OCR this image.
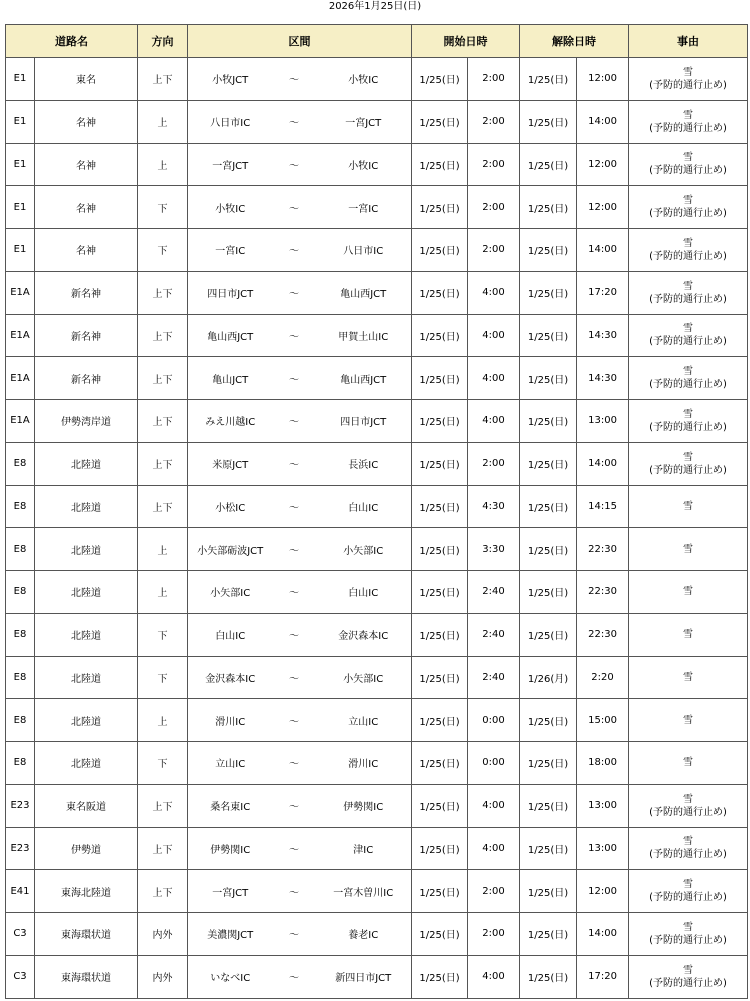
2026年1月25日(日)
道路名		方向	区間			開始日時		解除日時		事由
E1	東名	上下	小牧JCT	～	小牧IC	1/25(日)	2:00	1/25(日)	12:00	雪
(予防的通行止め)

E1	名神	上	八日市IC	～	一宮JCT	1/25(日)	2:00	1/25(日)	14:00	雪
(予防的通行止め)

E1	名神	上	一宮JCT	～	小牧IC	1/25(日)	2:00	1/25(日)	12:00	雪
(予防的通行止め)

E1	名神	下	小牧IC	～	一宮IC	1/25(日)	2:00	1/25(日)	12:00	雪
(予防的通行止め)

E1	名神	下	一宮IC	～	八日市IC	1/25(日)	2:00	1/25(日)	14:00	雪
(予防的通行止め)

E1A	新名神	上下	四日市JCT	～	亀山西JCT	1/25(日)	4:00	1/25(日)	17:20	雪
(予防的通行止め)

E1A	新名神	上下	亀山西JCT	～	甲賀土山IC	1/25(日)	4:00	1/25(日)	14:30	雪
(予防的通行止め)

E1A	新名神	上下	亀山JCT	～	亀山西JCT	1/25(日)	4:00	1/25(日)	14:30	雪
(予防的通行止め)

E1A	伊勢湾岸道	上下	みえ川越IC	～	四日市JCT	1/25(日)	4:00	1/25(日)	13:00	雪
(予防的通行止め)

E8	北陸道	上下	米原JCT	～	長浜IC	1/25(日)	2:00	1/25(日)	14:00	雪
(予防的通行止め)

E8	北陸道	上下	小松IC	～	白山IC	1/25(日)	4:30	1/25(日)	14:15	雪

E8	北陸道	上	小矢部砺波JCT	～	小矢部IC	1/25(日)	3:30	1/25(日)	22:30	雪

E8	北陸道	上	小矢部IC	～	白山IC	1/25(日)	2:40	1/25(日)	22:30	雪

E8	北陸道	下	白山IC	～	金沢森本IC	1/25(日)	2:40	1/25(日)	22:30	雪

E8	北陸道	下	金沢森本IC	～	小矢部IC	1/25(日)	2:40	1/26(月)	2:20	雪

E8	北陸道	上	滑川IC	～	立山IC	1/25(日)	0:00	1/25(日)	15:00	雪

E8	北陸道	下	立山IC	～	滑川IC	1/25(日)	0:00	1/25(日)	18:00	雪

E23	東名阪道	上下	桑名東IC	～	伊勢関IC	1/25(日)	4:00	1/25(日)	13:00	雪
(予防的通行止め)

E23	伊勢道	上下	伊勢関IC	～	津IC	1/25(日)	4:00	1/25(日)	13:00	雪
(予防的通行止め)

E41	東海北陸道	上下	一宮JCT	～	一宮木曽川IC	1/25(日)	2:00	1/25(日)	12:00	雪
(予防的通行止め)

C3	東海環状道	内外	美濃関JCT	～	養老IC	1/25(日)	2:00	1/25(日)	14:00	雪
(予防的通行止め)

C3	東海環状道	内外	いなべIC	～	新四日市JCT	1/25(日)	4:00	1/25(日)	17:20	雪
(予防的通行止め)
